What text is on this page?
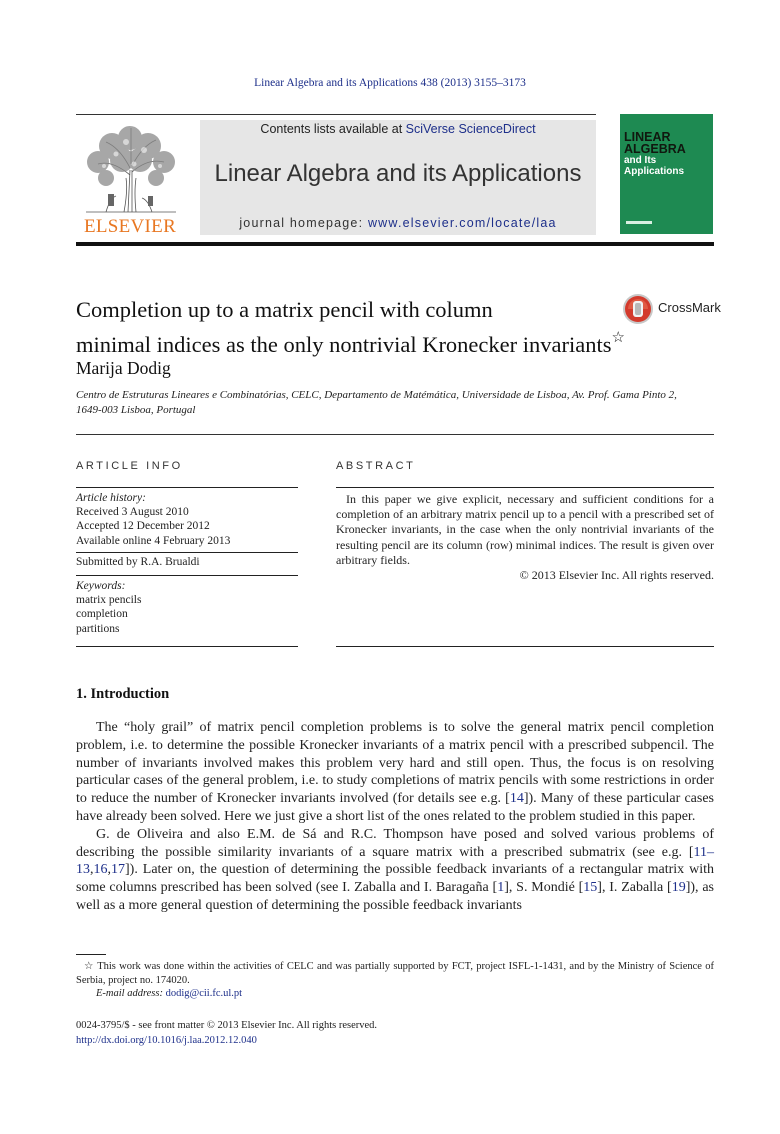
Linear Algebra and its Applications 438 (2013) 3155–3173
ELSEVIER
Contents lists available at SciVerse ScienceDirect
Linear Algebra and its Applications
journal homepage: www.elsevier.com/locate/laa
LINEAR
ALGEBRA
and Its
Applications
Completion up to a matrix pencil with column
minimal indices as the only nontrivial Kronecker invariants☆
CrossMark
Marija Dodig
Centro de Estruturas Lineares e Combinatórias, CELC, Departamento de Matémática, Universidade de Lisboa, Av. Prof. Gama Pinto 2,
1649-003 Lisboa, Portugal
ARTICLE INFO
Article history:
Received 3 August 2010
Accepted 12 December 2012
Available online 4 February 2013
Submitted by R.A. Brualdi
Keywords:
matrix pencils
completion
partitions
ABSTRACT

In this paper we give explicit, necessary and sufficient conditions for a completion of an arbitrary matrix pencil up to a pencil with a prescribed set of Kronecker invariants, in the case when the only nontrivial invariants of the resulting pencil are its column (row) minimal indices. The result is given over arbitrary fields.

© 2013 Elsevier Inc. All rights reserved.
1. Introduction

The “holy grail” of matrix pencil completion problems is to solve the general matrix pencil completion problem, i.e. to determine the possible Kronecker invariants of a matrix pencil with a prescribed subpencil. The number of invariants involved makes this problem very hard and still open. Thus, the focus is on resolving particular cases of the general problem, i.e. to study completions of matrix pencils with some restrictions in order to reduce the number of Kronecker invariants involved (for details see e.g. [14]). Many of these particular cases have already been solved. Here we just give a short list of the ones related to the problem studied in this paper.

G. de Oliveira and also E.M. de Sá and R.C. Thompson have posed and solved various problems of describing the possible similarity invariants of a square matrix with a prescribed submatrix (see e.g. [11–13,16,17]). Later on, the question of determining the possible feedback invariants of a rectangular matrix with some columns prescribed has been solved (see I. Zaballa and I. Baragaña [1], S. Mondié [15], I. Zaballa [19]), as well as a more general question of determining the possible feedback invariants

☆ This work was done within the activities of CELC and was partially supported by FCT, project ISFL-1-1431, and by the Ministry of Science of Serbia, project no. 174020.
E-mail address: dodig@cii.fc.ul.pt
0024-3795/$ - see front matter © 2013 Elsevier Inc. All rights reserved.
http://dx.doi.org/10.1016/j.laa.2012.12.040
